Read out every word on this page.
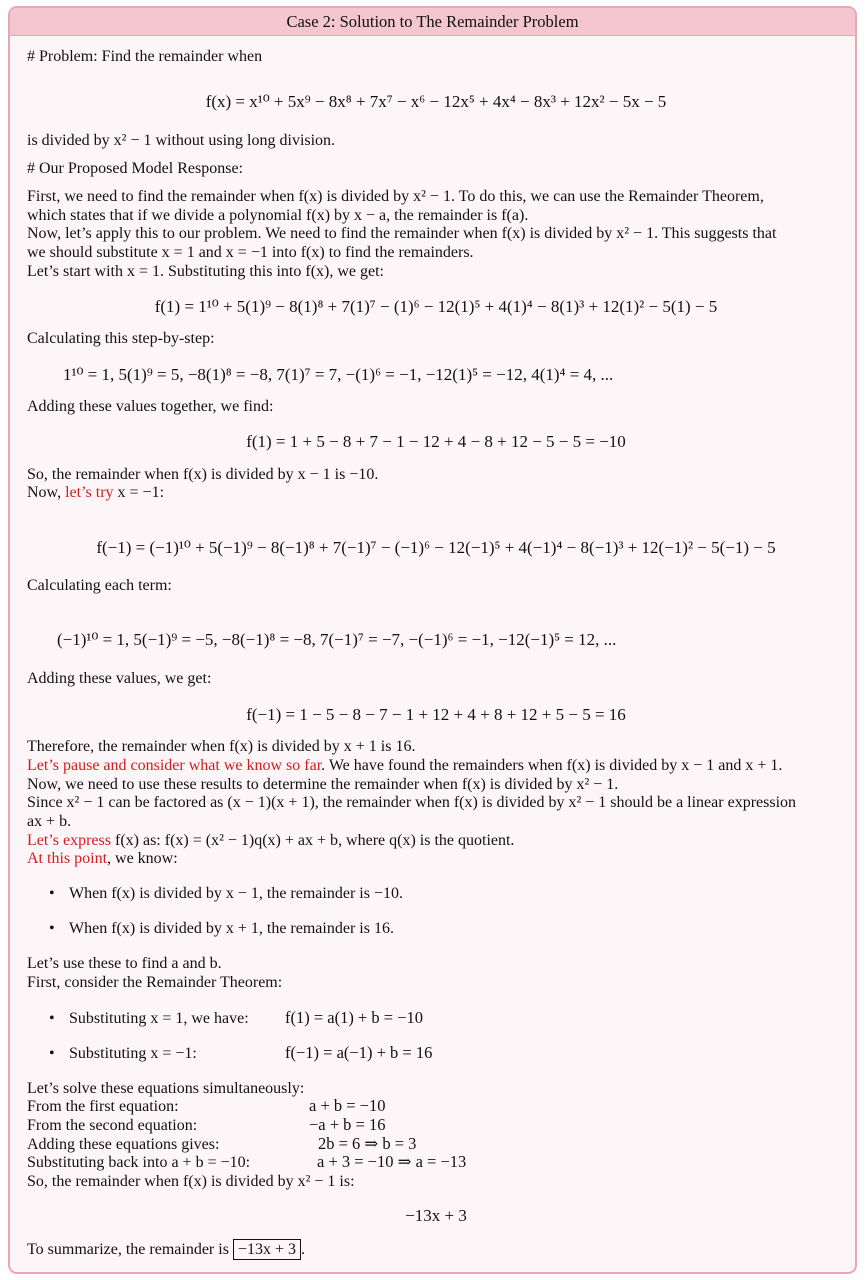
Case 2: Solution to The Remainder Problem
# Problem: Find the remainder when
f(x) = x¹⁰ + 5x⁹ − 8x⁸ + 7x⁷ − x⁶ − 12x⁵ + 4x⁴ − 8x³ + 12x² − 5x − 5
is divided by x² − 1 without using long division.
# Our Proposed Model Response:
First, we need to find the remainder when f(x) is divided by x² − 1. To do this, we can use the Remainder Theorem,
which states that if we divide a polynomial f(x) by x − a, the remainder is f(a).
Now, let’s apply this to our problem. We need to find the remainder when f(x) is divided by x² − 1. This suggests that
we should substitute x = 1 and x = −1 into f(x) to find the remainders.
Let’s start with x = 1. Substituting this into f(x), we get:
f(1) = 1¹⁰ + 5(1)⁹ − 8(1)⁸ + 7(1)⁷ − (1)⁶ − 12(1)⁵ + 4(1)⁴ − 8(1)³ + 12(1)² − 5(1) − 5
Calculating this step-by-step:
1¹⁰ = 1, 5(1)⁹ = 5, −8(1)⁸ = −8, 7(1)⁷ = 7, −(1)⁶ = −1, −12(1)⁵ = −12, 4(1)⁴ = 4, ...
Adding these values together, we find:
f(1) = 1 + 5 − 8 + 7 − 1 − 12 + 4 − 8 + 12 − 5 − 5 = −10
So, the remainder when f(x) is divided by x − 1 is −10.
Now, let’s try x = −1:
f(−1) = (−1)¹⁰ + 5(−1)⁹ − 8(−1)⁸ + 7(−1)⁷ − (−1)⁶ − 12(−1)⁵ + 4(−1)⁴ − 8(−1)³ + 12(−1)² − 5(−1) − 5
Calculating each term:
(−1)¹⁰ = 1, 5(−1)⁹ = −5, −8(−1)⁸ = −8, 7(−1)⁷ = −7, −(−1)⁶ = −1, −12(−1)⁵ = 12, ...
Adding these values, we get:
f(−1) = 1 − 5 − 8 − 7 − 1 + 12 + 4 + 8 + 12 + 5 − 5 = 16
Therefore, the remainder when f(x) is divided by x + 1 is 16.
Let’s pause and consider what we know so far. We have found the remainders when f(x) is divided by x − 1 and x + 1.
Now, we need to use these results to determine the remainder when f(x) is divided by x² − 1.
Since x² − 1 can be factored as (x − 1)(x + 1), the remainder when f(x) is divided by x² − 1 should be a linear expression
ax + b.
Let’s express f(x) as: f(x) = (x² − 1)q(x) + ax + b, where q(x) is the quotient.
At this point, we know:
• When f(x) is divided by x − 1, the remainder is −10.
• When f(x) is divided by x + 1, the remainder is 16.
Let’s use these to find a and b.
First, consider the Remainder Theorem:
• Substituting x = 1, we have: f(1) = a(1) + b = −10
• Substituting x = −1:	f(−1) = a(−1) + b = 16
Let’s solve these equations simultaneously:
From the first equation:	a + b = −10
From the second equation:	−a + b = 16
Adding these equations gives:	2b = 6 ⇒ b = 3
Substituting back into a + b = −10:	a + 3 = −10 ⇒ a = −13
So, the remainder when f(x) is divided by x² − 1 is:
−13x + 3
To summarize, the remainder is −13x + 3 .
